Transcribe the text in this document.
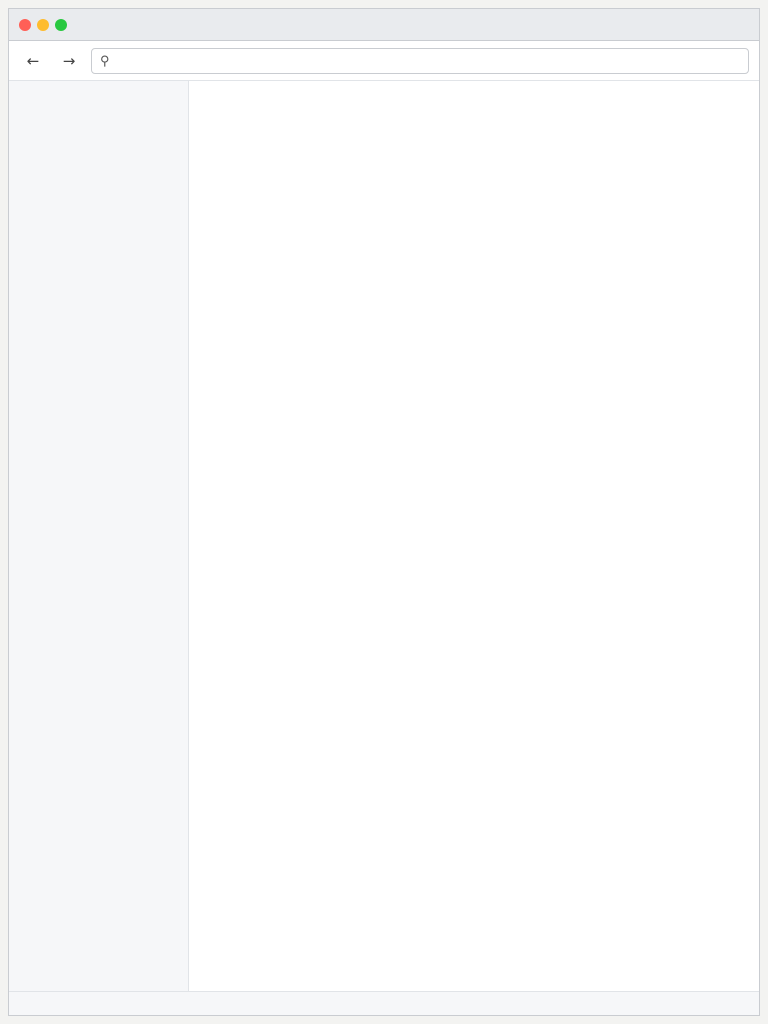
←	→	⚲
